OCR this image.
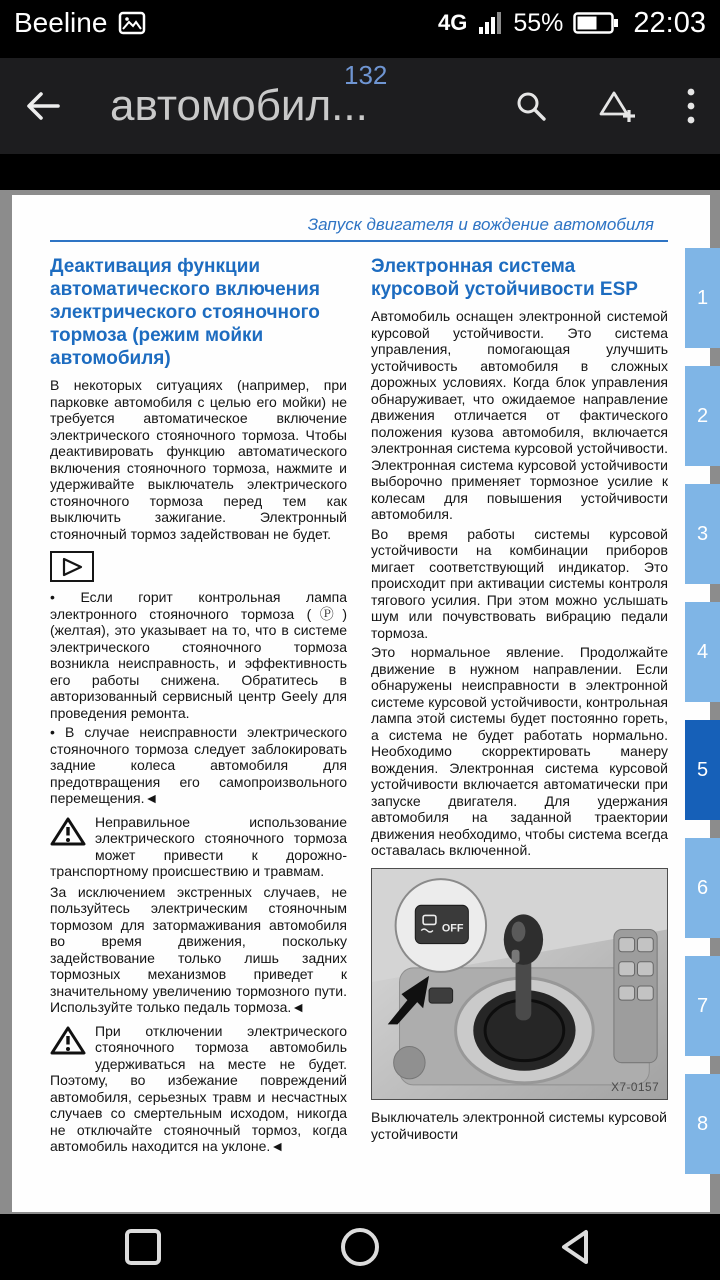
Beeline	4G 55% 22:03
132
автомобил...
Запуск двигателя и вождение автомобиля
Деактивация функции автоматического включения электрического стояночного тормоза (режим мойки автомобиля)

В некоторых ситуациях (например, при парковке автомобиля с целью его мойки) не требуется автоматическое включение электрического стояночного тормоза. Чтобы деактивировать функцию автоматического включения стояночного тормоза, нажмите и удерживайте выключатель электрического стояночного тормоза перед тем как выключить зажигание. Электронный стояночный тормоз задействован не будет.

• Если горит контрольная лампа электронного стояночного тормоза (Ⓟ) (желтая), это указывает на то, что в системе электрического стояночного тормоза возникла неисправность, и эффективность его работы снижена. Обратитесь в авторизованный сервисный центр Geely для проведения ремонта.

• В случае неисправности электрического стояночного тормоза следует заблокировать задние колеса автомобиля для предотвращения его самопроизвольного перемещения.◄

Неправильное использование электрического стояночного тормоза может привести к дорожно-транспортному происшествию и травмам.

За исключением экстренных случаев, не пользуйтесь электрическим стояночным тормозом для затормаживания автомобиля во время движения, поскольку задействование только лишь задних тормозных механизмов приведет к значительному увеличению тормозного пути. Используйте только педаль тормоза.◄

При отключении электрического стояночного тормоза автомобиль удерживаться на месте не будет. Поэтому, во избежание повреждений автомобиля, серьезных травм и несчастных случаев со смертельным исходом, никогда не отключайте стояночный тормоз, когда автомобиль находится на уклоне.◄
Электронная система курсовой устойчивости ESP

Автомобиль оснащен электронной системой курсовой устойчивости. Это система управления, помогающая улучшить устойчивость автомобиля в сложных дорожных условиях. Когда блок управления обнаруживает, что ожидаемое направление движения отличается от фактического положения кузова автомобиля, включается электронная система курсовой устойчивости. Электронная система курсовой устойчивости выборочно применяет тормозное усилие к колесам для повышения устойчивости автомобиля.

Во время работы системы курсовой устойчивости на комбинации приборов мигает соответствующий индикатор. Это происходит при активации системы контроля тягового усилия. При этом можно услышать шум или почувствовать вибрацию педали тормоза.

Это нормальное явление. Продолжайте движение в нужном направлении. Если обнаружены неисправности в электронной системе курсовой устойчивости, контрольная лампа этой системы будет постоянно гореть, а система не будет работать нормально. Необходимо скорректировать манеру вождения. Электронная система курсовой устойчивости включается автоматически при запуске двигателя. Для удержания автомобиля на заданной траектории движения необходимо, чтобы система всегда оставалась включенной.

OFF
X7-0157

Выключатель электронной системы курсовой устойчивости

1
2
3
4
5
6
7
8
